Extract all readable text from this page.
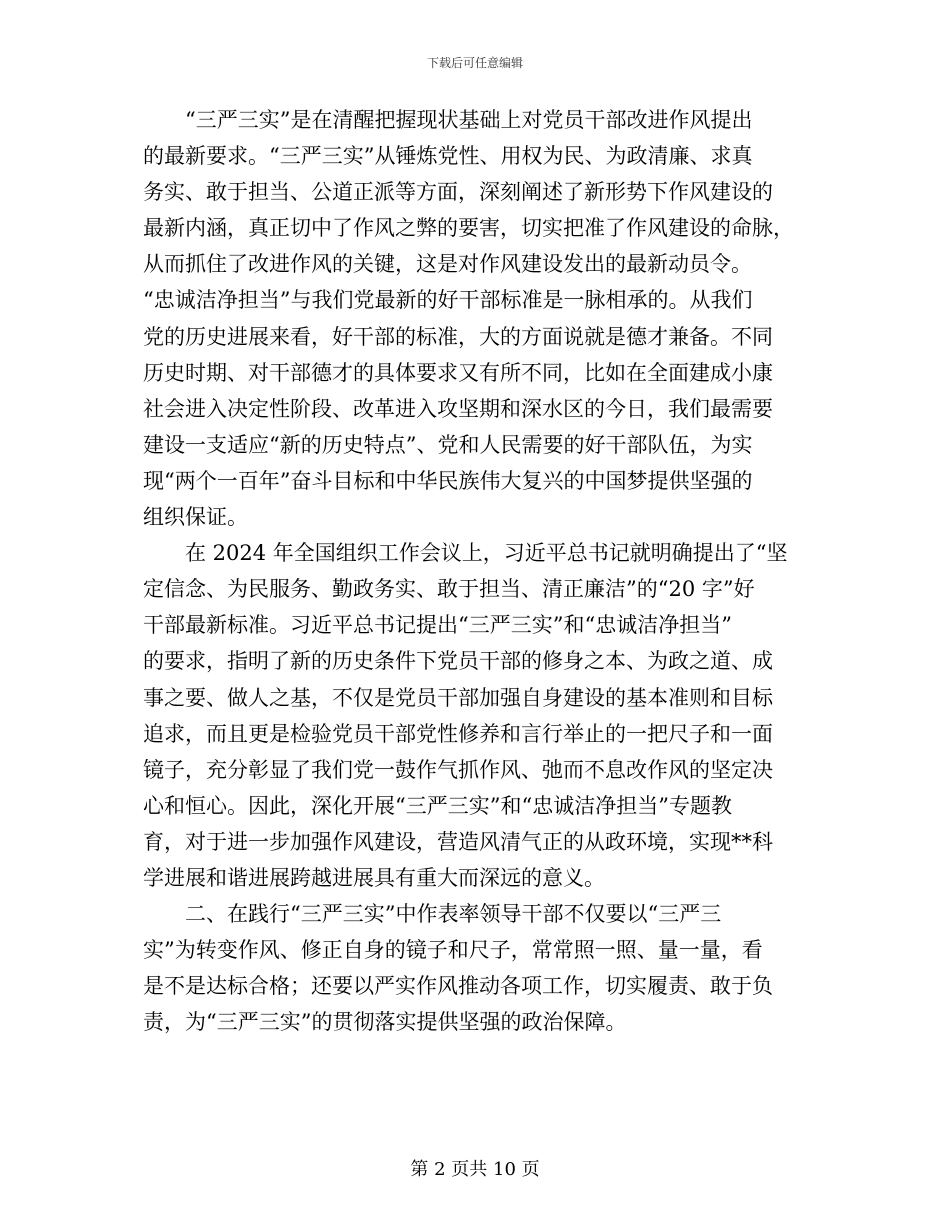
下载后可任意编辑
“三严三实”是在清醒把握现状基础上对党员干部改进作风提出
的最新要求。“三严三实”从锤炼党性、用权为民、为政清廉、求真
务实、敢于担当、公道正派等方面，深刻阐述了新形势下作风建设的
最新内涵，真正切中了作风之弊的要害，切实把准了作风建设的命脉，
从而抓住了改进作风的关键，这是对作风建设发出的最新动员令。
“忠诚洁净担当”与我们党最新的好干部标准是一脉相承的。从我们
党的历史进展来看，好干部的标准，大的方面说就是德才兼备。不同
历史时期、对干部德才的具体要求又有所不同，比如在全面建成小康
社会进入决定性阶段、改革进入攻坚期和深水区的今日，我们最需要
建设一支适应“新的历史特点”、党和人民需要的好干部队伍，为实
现“两个一百年”奋斗目标和中华民族伟大复兴的中国梦提供坚强的
组织保证。
在 2024 年全国组织工作会议上，习近平总书记就明确提出了“坚
定信念、为民服务、勤政务实、敢于担当、清正廉洁”的“20 字”好
干部最新标准。习近平总书记提出“三严三实”和“忠诚洁净担当”
的要求，指明了新的历史条件下党员干部的修身之本、为政之道、成
事之要、做人之基，不仅是党员干部加强自身建设的基本准则和目标
追求，而且更是检验党员干部党性修养和言行举止的一把尺子和一面
镜子，充分彰显了我们党一鼓作气抓作风、弛而不息改作风的坚定决
心和恒心。因此，深化开展“三严三实”和“忠诚洁净担当”专题教
育，对于进一步加强作风建设，营造风清气正的从政环境，实现**科
学进展和谐进展跨越进展具有重大而深远的意义。
二、在践行“三严三实”中作表率领导干部不仅要以“三严三
实”为转变作风、修正自身的镜子和尺子，常常照一照、量一量，看
是不是达标合格；还要以严实作风推动各项工作，切实履责、敢于负
责，为“三严三实”的贯彻落实提供坚强的政治保障。
第 2 页共 10 页
